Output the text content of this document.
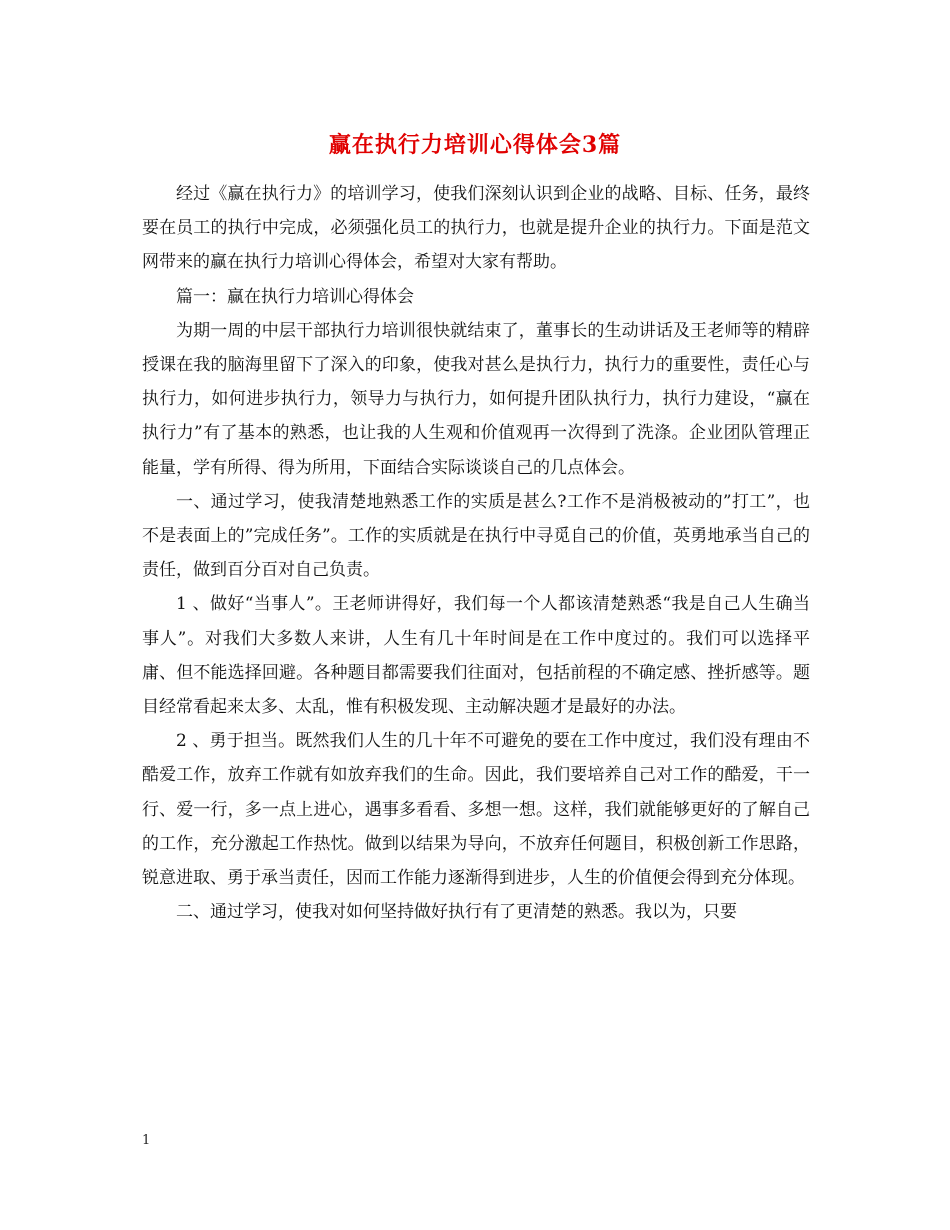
赢在执行力培训心得体会3篇

经过《赢在执行力》的培训学习，使我们深刻认识到企业的战略、目标、任务，最终要在员工的执行中完成，必须强化员工的执行力，也就是提升企业的执行力。下面是范文网带来的赢在执行力培训心得体会，希望对大家有帮助。

篇一：赢在执行力培训心得体会

为期一周的中层干部执行力培训很快就结束了，董事长的生动讲话及王老师等的精辟授课在我的脑海里留下了深入的印象，使我对甚么是执行力，执行力的重要性，责任心与执行力，如何进步执行力，领导力与执行力，如何提升团队执行力，执行力建设，“赢在执行力”有了基本的熟悉，也让我的人生观和价值观再一次得到了洗涤。企业团队管理正能量，学有所得、得为所用，下面结合实际谈谈自己的几点体会。

一、通过学习，使我清楚地熟悉工作的实质是甚么?工作不是消极被动的”打工”，也不是表面上的”完成任务”。工作的实质就是在执行中寻觅自己的价值，英勇地承当自己的责任，做到百分百对自己负责。

1 、做好“当事人”。王老师讲得好，我们每一个人都该清楚熟悉“我是自己人生确当事人”。对我们大多数人来讲，人生有几十年时间是在工作中度过的。我们可以选择平庸、但不能选择回避。各种题目都需要我们往面对，包括前程的不确定感、挫折感等。题目经常看起来太多、太乱，惟有积极发现、主动解决题才是最好的办法。

2 、勇于担当。既然我们人生的几十年不可避免的要在工作中度过，我们没有理由不酷爱工作，放弃工作就有如放弃我们的生命。因此，我们要培养自己对工作的酷爱，干一行、爱一行，多一点上进心，遇事多看看、多想一想。这样，我们就能够更好的了解自己的工作，充分激起工作热忱。做到以结果为导向，不放弃任何题目，积极创新工作思路，锐意进取、勇于承当责任，因而工作能力逐渐得到进步，人生的价值便会得到充分体现。

二、通过学习，使我对如何坚持做好执行有了更清楚的熟悉。我以为，只要

1
